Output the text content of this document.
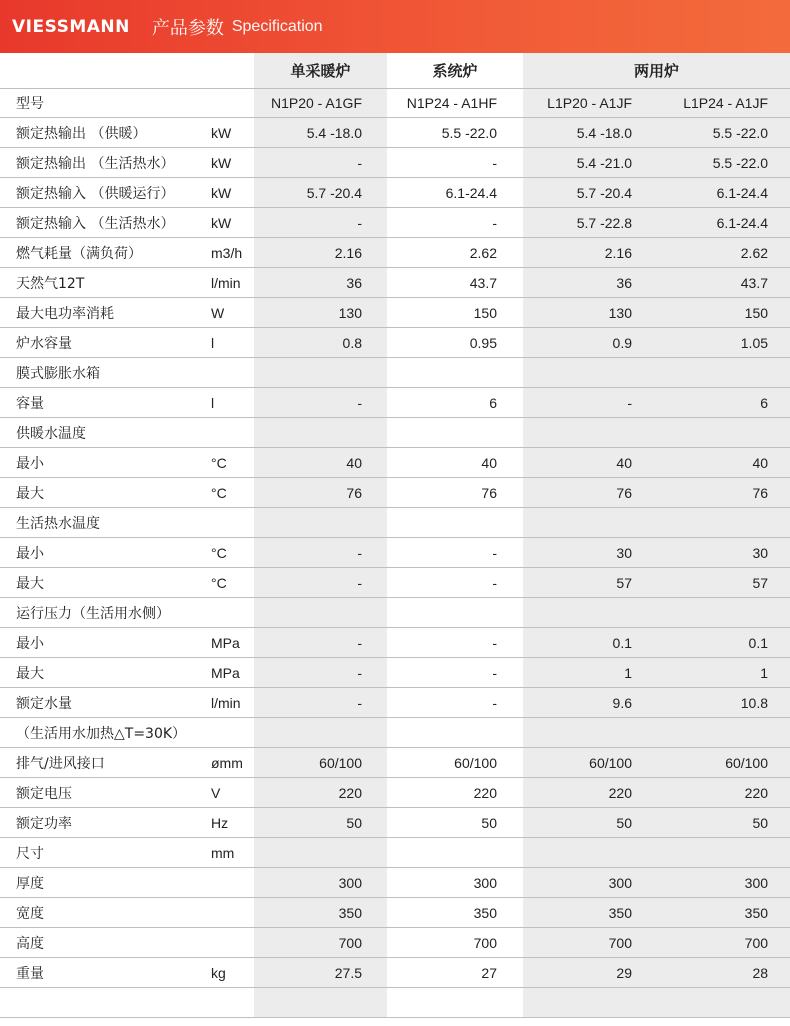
VIESSMANN 产品参数 Specification
		单采暖炉	系统炉	两用炉	
型号		N1P20 - A1GF	N1P24 - A1HF	L1P20 - A1JF	L1P24 - A1JF
额定热输出 （供暖）	kW	5.4 -18.0	5.5 -22.0	5.4 -18.0	5.5 -22.0
额定热输出 （生活热水）	kW	-	-	5.4 -21.0	5.5 -22.0
额定热输入 （供暖运行）	kW	5.7 -20.4	6.1-24.4	5.7 -20.4	6.1-24.4
额定热输入 （生活热水）	kW	-	-	5.7 -22.8	6.1-24.4
燃气耗量（满负荷）	m3/h	2.16	2.62	2.16	2.62
天然气12T	l/min	36	43.7	36	43.7
最大电功率消耗	W	130	150	130	150
炉水容量	l	0.8	0.95	0.9	1.05
膜式膨胀水箱					
容量	l	-	6	-	6
供暖水温度					
最小	°C	40	40	40	40
最大	°C	76	76	76	76
生活热水温度					
最小	°C	-	-	30	30
最大	°C	-	-	57	57
运行压力（生活用水侧）					
最小	MPa	-	-	0.1	0.1
最大	MPa	-	-	1	1
额定水量	l/min	-	-	9.6	10.8
（生活用水加热△T=30K）					
排气/进风接口	ømm	60/100	60/100	60/100	60/100
额定电压	V	220	220	220	220
额定功率	Hz	50	50	50	50
尺寸	mm				
厚度		300	300	300	300
宽度		350	350	350	350
高度		700	700	700	700
重量	kg	27.5	27	29	28
